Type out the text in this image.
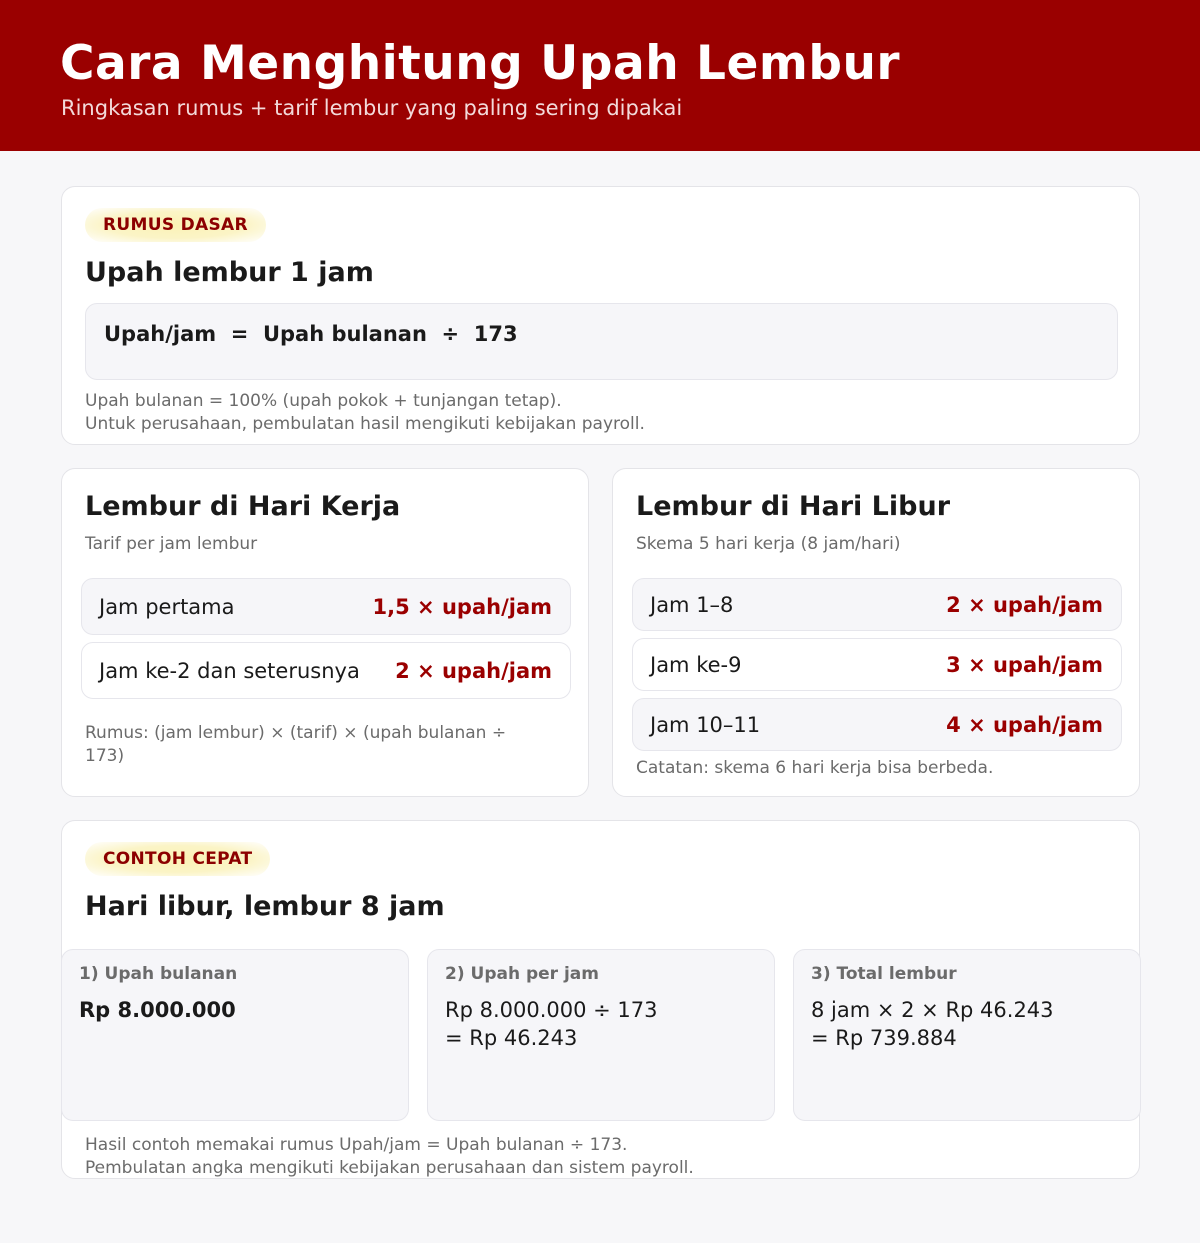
Cara Menghitung Upah Lembur
Ringkasan rumus + tarif lembur yang paling sering dipakai
RUMUS DASAR
Upah lembur 1 jam
Upah/jam  =  Upah bulanan  ÷  173
Upah bulanan = 100% (upah pokok + tunjangan tetap).
Untuk perusahaan, pembulatan hasil mengikuti kebijakan payroll.
Lembur di Hari Kerja
Tarif per jam lembur
Jam pertama	1,5 × upah/jam
Jam ke-2 dan seterusnya 2 × upah/jam
Rumus: (jam lembur) × (tarif) × (upah bulanan ÷
173)
Lembur di Hari Libur
Skema 5 hari kerja (8 jam/hari)
Jam 1–8	2 × upah/jam
Jam ke-9	3 × upah/jam
Jam 10–11	4 × upah/jam
Catatan: skema 6 hari kerja bisa berbeda.
CONTOH CEPAT
Hari libur, lembur 8 jam
1) Upah bulanan
Rp 8.000.000
2) Upah per jam
Rp 8.000.000 ÷ 173
= Rp 46.243
3) Total lembur
8 jam × 2 × Rp 46.243
= Rp 739.884
Hasil contoh memakai rumus Upah/jam = Upah bulanan ÷ 173.
Pembulatan angka mengikuti kebijakan perusahaan dan sistem payroll.
